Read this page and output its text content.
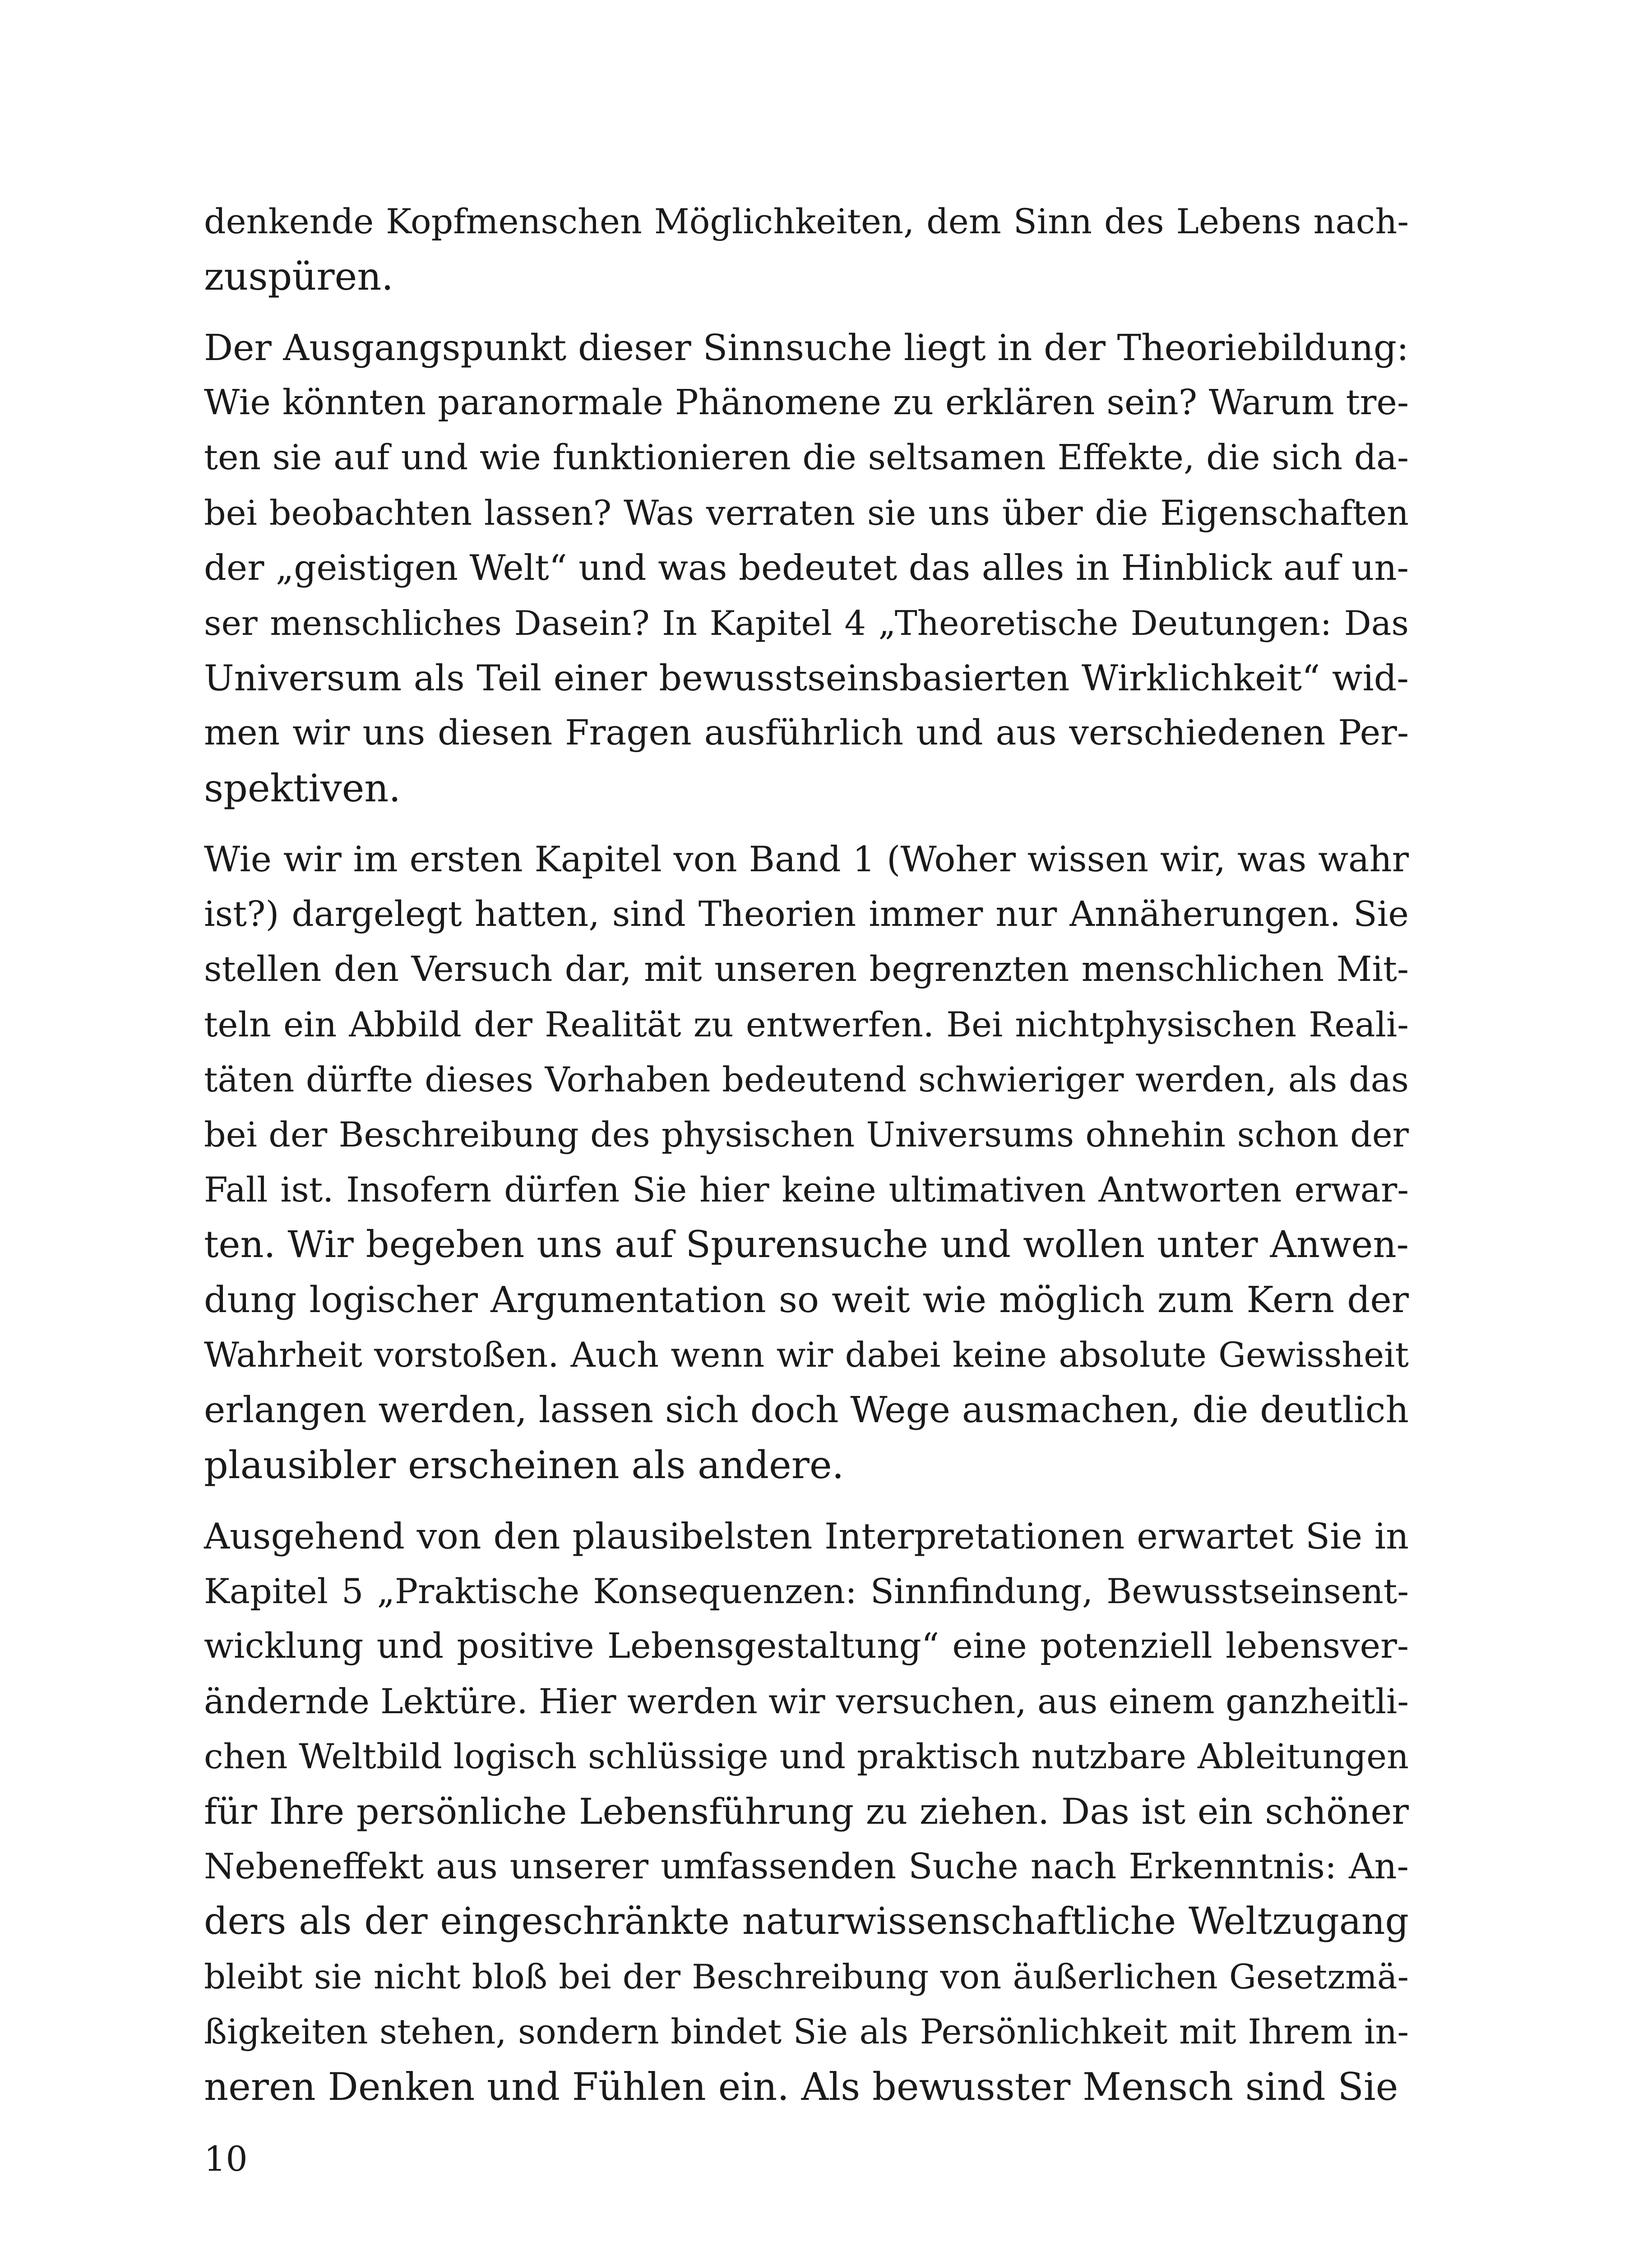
denkende Kopfmenschen Möglichkeiten, dem Sinn des Lebens nach-
zuspüren.
Der Ausgangspunkt dieser Sinnsuche liegt in der Theoriebildung:
Wie könnten paranormale Phänomene zu erklären sein? Warum tre-
ten sie auf und wie funktionieren die seltsamen Effekte, die sich da-
bei beobachten lassen? Was verraten sie uns über die Eigenschaften
der „geistigen Welt“ und was bedeutet das alles in Hinblick auf un-
ser menschliches Dasein? In Kapitel 4 „Theoretische Deutungen: Das
Universum als Teil einer bewusstseinsbasierten Wirklichkeit“ wid-
men wir uns diesen Fragen ausführlich und aus verschiedenen Per-
spektiven.
Wie wir im ersten Kapitel von Band 1 (Woher wissen wir, was wahr
ist?) dargelegt hatten, sind Theorien immer nur Annäherungen. Sie
stellen den Versuch dar, mit unseren begrenzten menschlichen Mit-
teln ein Abbild der Realität zu entwerfen. Bei nichtphysischen Reali-
täten dürfte dieses Vorhaben bedeutend schwieriger werden, als das
bei der Beschreibung des physischen Universums ohnehin schon der
Fall ist. Insofern dürfen Sie hier keine ultimativen Antworten erwar-
ten. Wir begeben uns auf Spurensuche und wollen unter Anwen-
dung logischer Argumentation so weit wie möglich zum Kern der
Wahrheit vorstoßen. Auch wenn wir dabei keine absolute Gewissheit
erlangen werden, lassen sich doch Wege ausmachen, die deutlich
plausibler erscheinen als andere.
Ausgehend von den plausibelsten Interpretationen erwartet Sie in
Kapitel 5 „Praktische Konsequenzen: Sinnfindung, Bewusstseinsent-
wicklung und positive Lebensgestaltung“ eine potenziell lebensver-
ändernde Lektüre. Hier werden wir versuchen, aus einem ganzheitli-
chen Weltbild logisch schlüssige und praktisch nutzbare Ableitungen
für Ihre persönliche Lebensführung zu ziehen. Das ist ein schöner
Nebeneffekt aus unserer umfassenden Suche nach Erkenntnis: An-
ders als der eingeschränkte naturwissenschaftliche Weltzugang
bleibt sie nicht bloß bei der Beschreibung von äußerlichen Gesetzmä-
ßigkeiten stehen, sondern bindet Sie als Persönlichkeit mit Ihrem in-
neren Denken und Fühlen ein. Als bewusster Mensch sind Sie
10
